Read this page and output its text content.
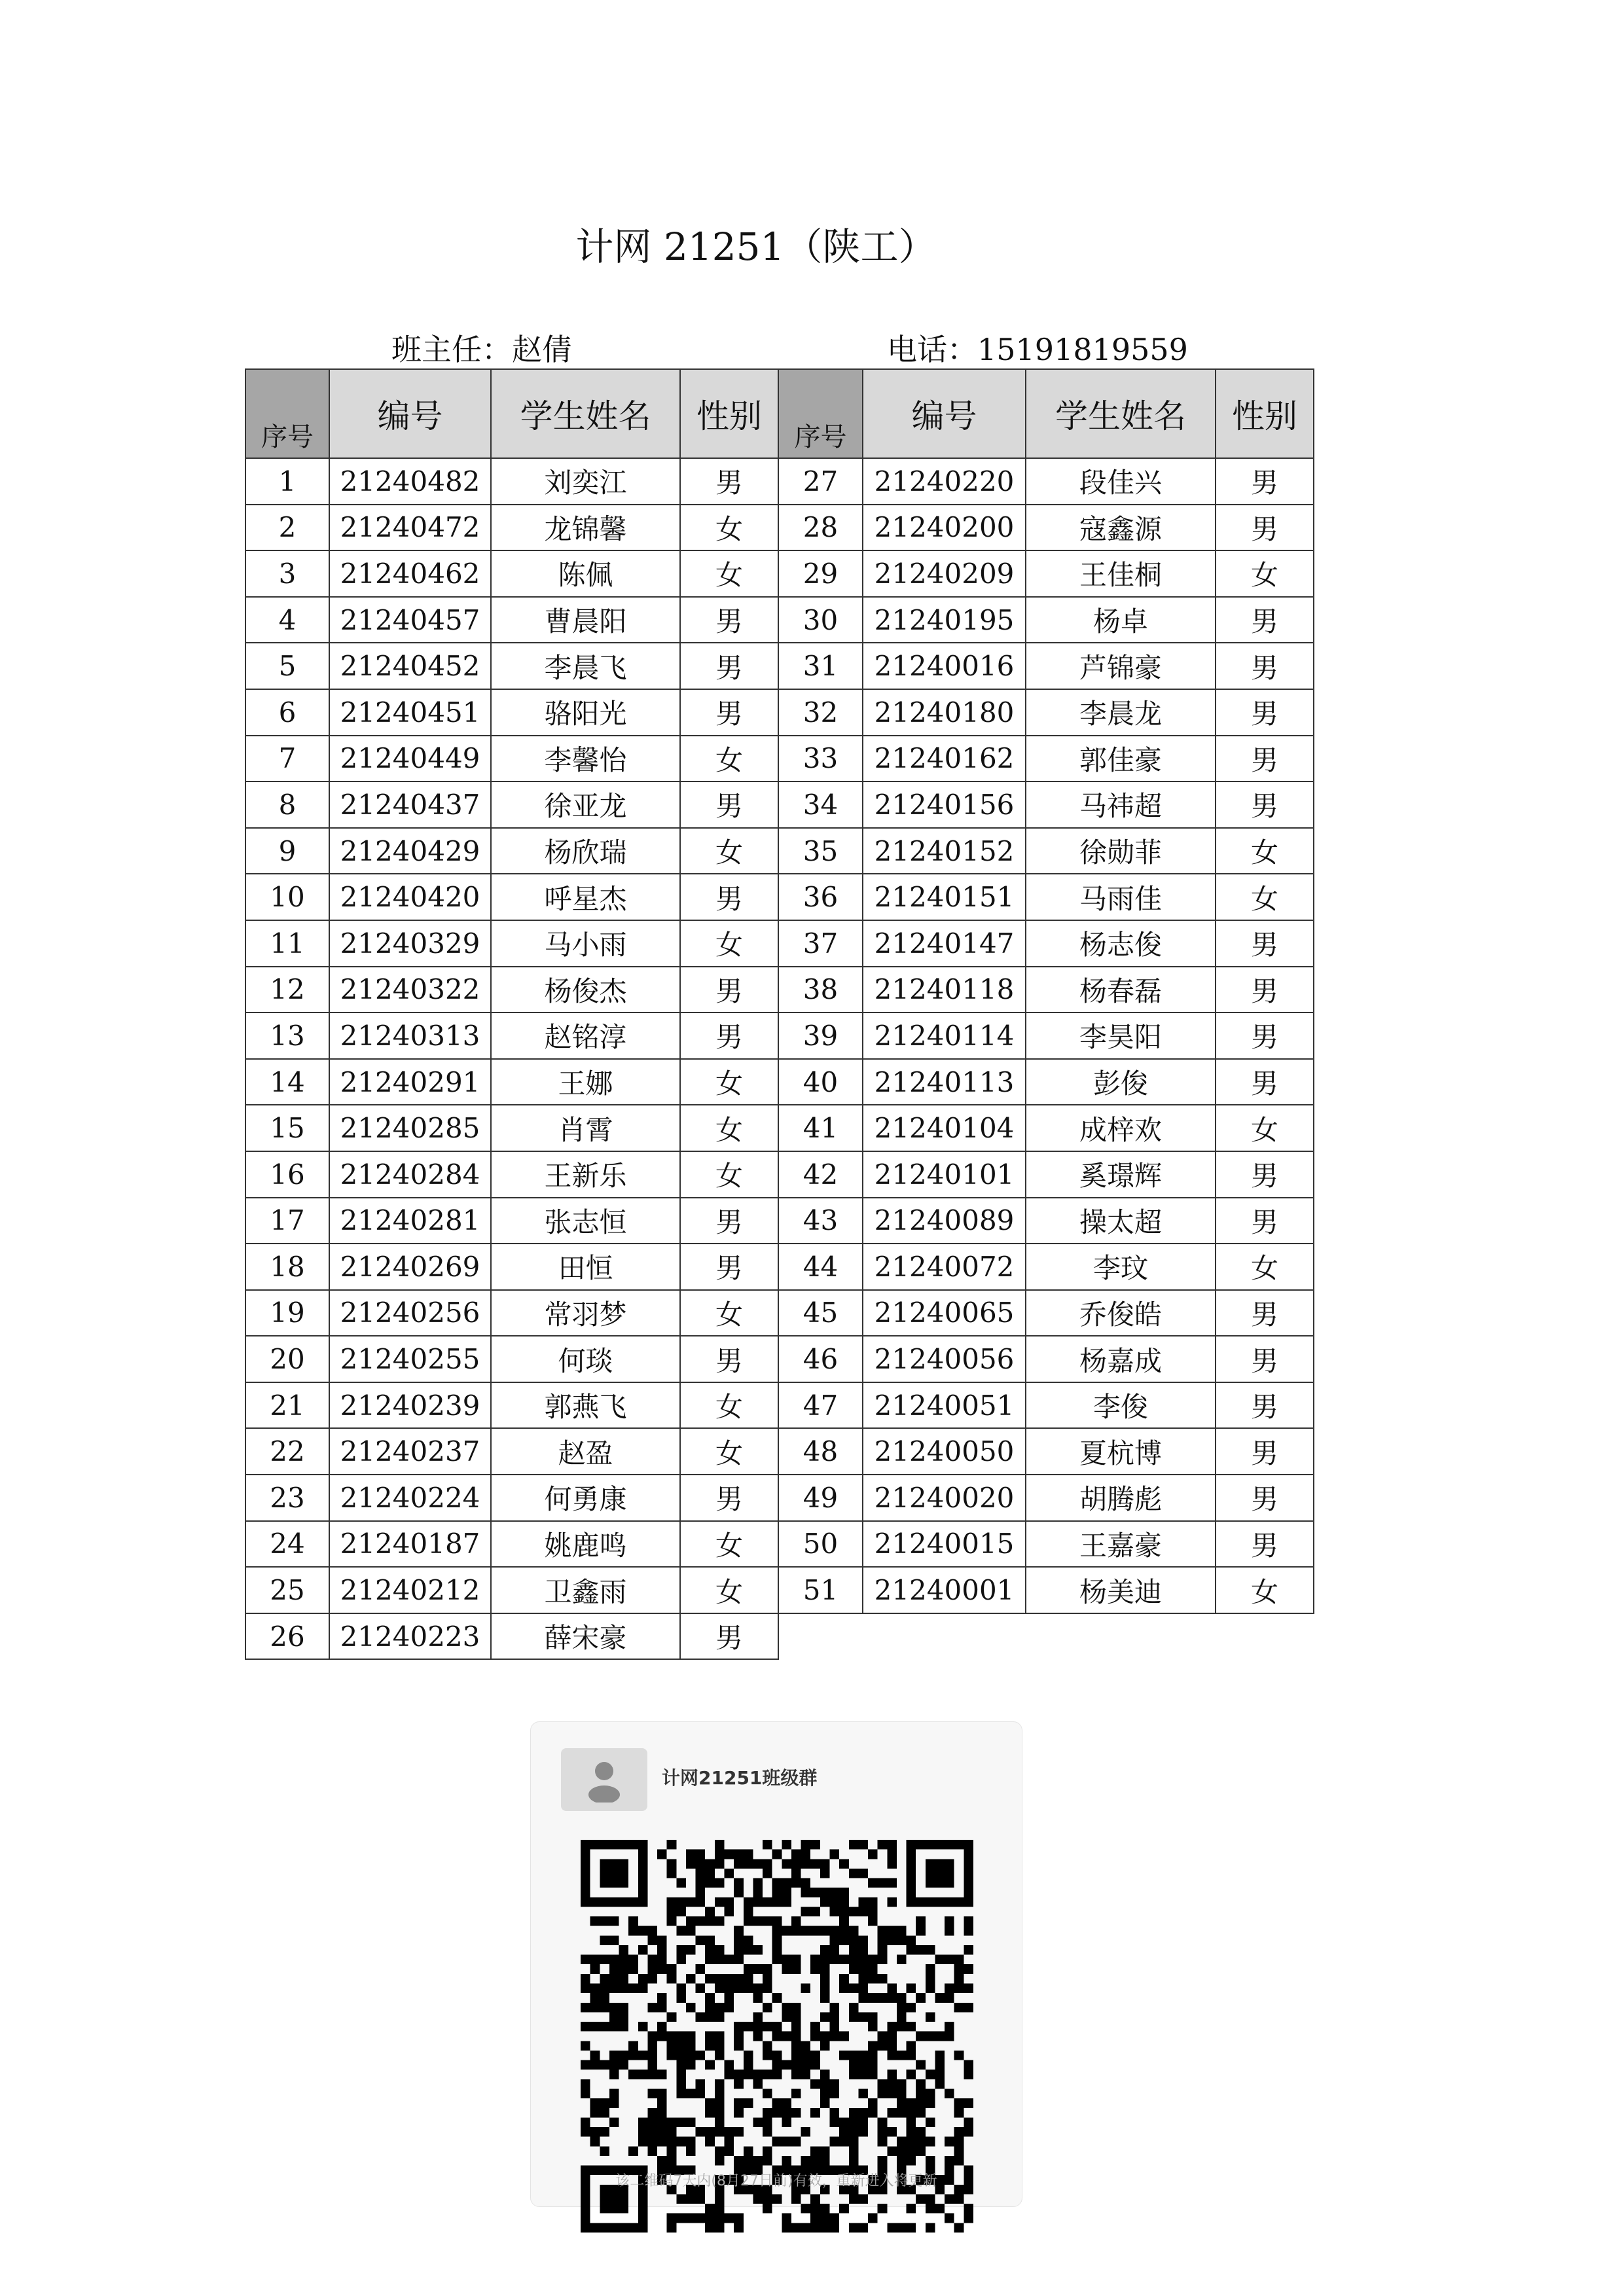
计网 21251（陕工）
班主任：赵倩	电话：15191819559
序号	编号	学生姓名	性别	序号	编号	学生姓名	性别
1	21240482	刘奕江	男	27	21240220	段佳兴	男
2	21240472	龙锦馨	女	28	21240200	寇鑫源	男
3	21240462	陈佩	女	29	21240209	王佳桐	女
4	21240457	曹晨阳	男	30	21240195	杨卓	男
5	21240452	李晨飞	男	31	21240016	芦锦豪	男
6	21240451	骆阳光	男	32	21240180	李晨龙	男
7	21240449	李馨怡	女	33	21240162	郭佳豪	男
8	21240437	徐亚龙	男	34	21240156	马祎超	男
9	21240429	杨欣瑞	女	35	21240152	徐勋菲	女
10	21240420	呼星杰	男	36	21240151	马雨佳	女
11	21240329	马小雨	女	37	21240147	杨志俊	男
12	21240322	杨俊杰	男	38	21240118	杨春磊	男
13	21240313	赵铭淳	男	39	21240114	李昊阳	男
14	21240291	王娜	女	40	21240113	彭俊	男
15	21240285	肖霄	女	41	21240104	成梓欢	女
16	21240284	王新乐	女	42	21240101	奚璟辉	男
17	21240281	张志恒	男	43	21240089	操太超	男
18	21240269	田恒	男	44	21240072	李玟	女
19	21240256	常羽梦	女	45	21240065	乔俊皓	男
20	21240255	何琰	男	46	21240056	杨嘉成	男
21	21240239	郭燕飞	女	47	21240051	李俊	男
22	21240237	赵盈	女	48	21240050	夏杭博	男
23	21240224	何勇康	男	49	21240020	胡腾彪	男
24	21240187	姚鹿鸣	女	50	21240015	王嘉豪	男
25	21240212	卫鑫雨	女	51	21240001	杨美迪	女
26	21240223	薛宋豪	男				
计网21251班级群
该二维码7天内(8月27日前)有效，重新进入将更新
